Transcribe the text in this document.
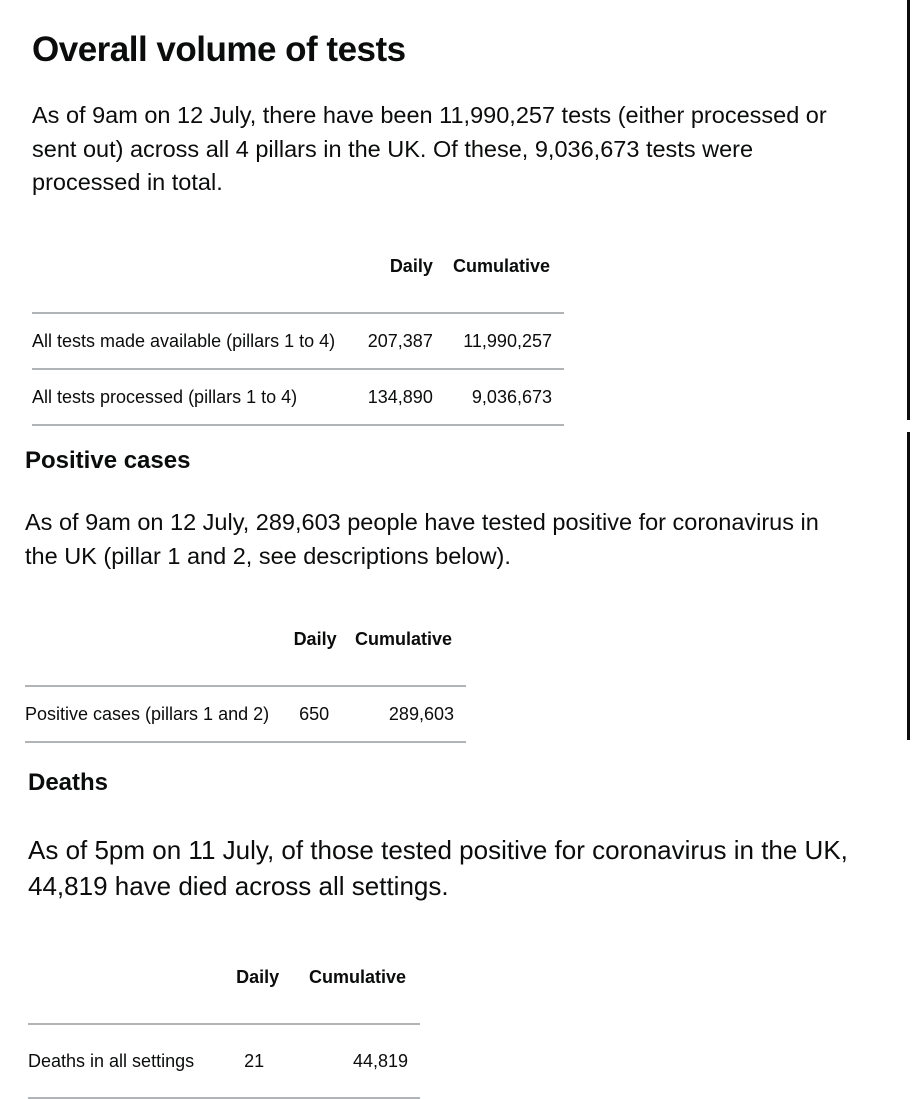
Overall volume of tests

As of 9am on 12 July, there have been 11,990,257 tests (either processed or
sent out) across all 4 pillars in the UK. Of these, 9,036,673 tests were
processed in total.

	Daily	Cumulative
All tests made available (pillars 1 to 4)	207,387	11,990,257
All tests processed (pillars 1 to 4)	134,890	9,036,673
Positive cases

As of 9am on 12 July, 289,603 people have tested positive for coronavirus in
the UK (pillar 1 and 2, see descriptions below).

	Daily	Cumulative
Positive cases (pillars 1 and 2)	650	289,603
Deaths

As of 5pm on 11 July, of those tested positive for coronavirus in the UK,
44,819 have died across all settings.

	Daily	Cumulative
Deaths in all settings	21	44,819
